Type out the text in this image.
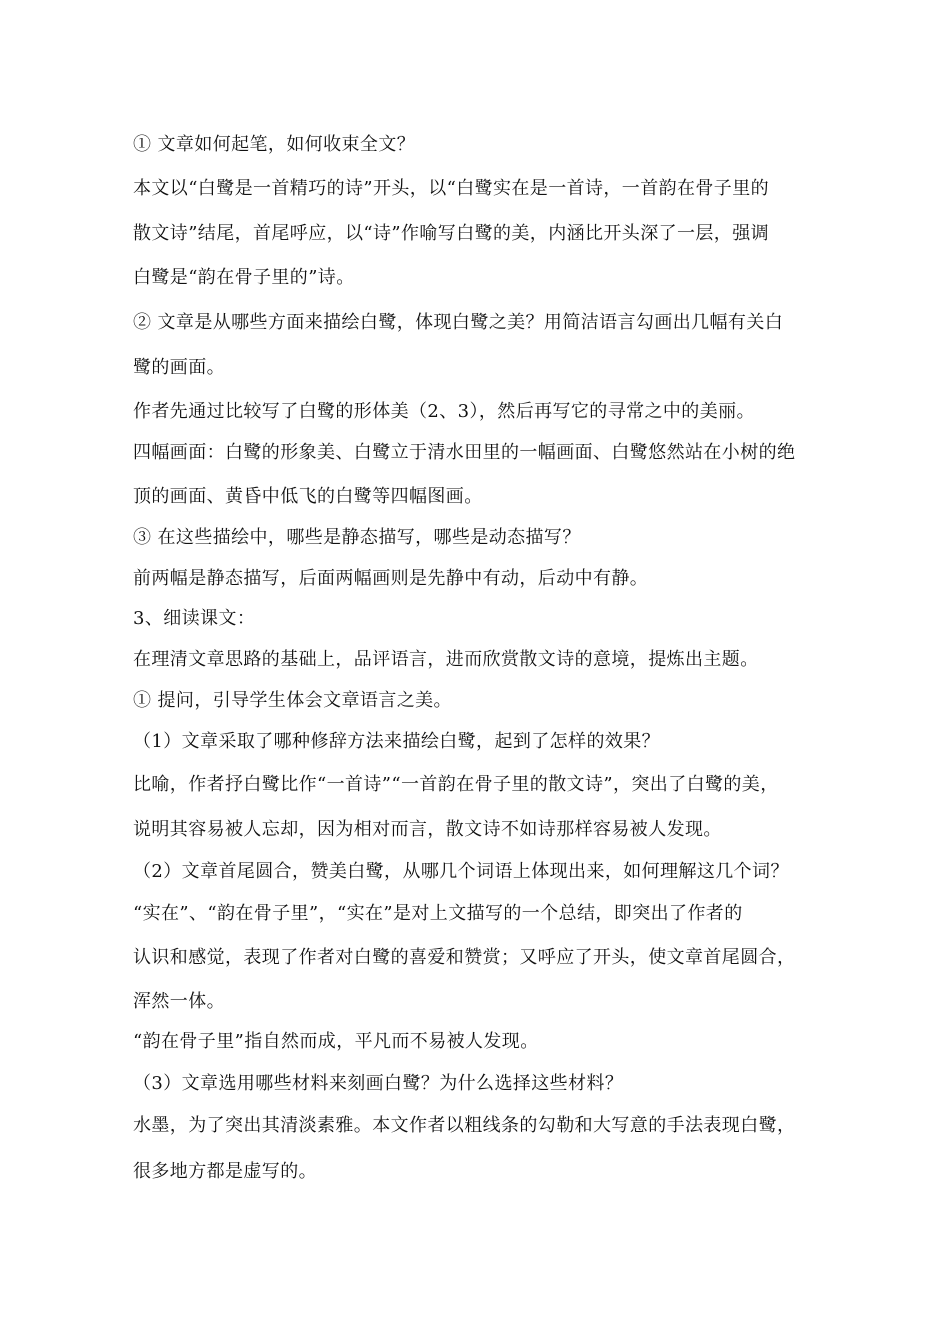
① 文章如何起笔，如何收束全文？
本文以“白鹭是一首精巧的诗”开头，以“白鹭实在是一首诗，一首韵在骨子里的
散文诗”结尾，首尾呼应，以“诗”作喻写白鹭的美，内涵比开头深了一层，强调
白鹭是“韵在骨子里的”诗。
② 文章是从哪些方面来描绘白鹭，体现白鹭之美？用简洁语言勾画出几幅有关白
鹭的画面。
作者先通过比较写了白鹭的形体美（2、3），然后再写它的寻常之中的美丽。
四幅画面：白鹭的形象美、白鹭立于清水田里的一幅画面、白鹭悠然站在小树的绝
顶的画面、黄昏中低飞的白鹭等四幅图画。
③ 在这些描绘中，哪些是静态描写，哪些是动态描写？
前两幅是静态描写，后面两幅画则是先静中有动，后动中有静。
3、细读课文：
在理清文章思路的基础上，品评语言，进而欣赏散文诗的意境，提炼出主题。
① 提问，引导学生体会文章语言之美。
（1）文章采取了哪种修辞方法来描绘白鹭，起到了怎样的效果？
比喻，作者抒白鹭比作“一首诗”“一首韵在骨子里的散文诗”，突出了白鹭的美，
说明其容易被人忘却，因为相对而言，散文诗不如诗那样容易被人发现。
（2）文章首尾圆合，赞美白鹭，从哪几个词语上体现出来，如何理解这几个词？
“实在”、“韵在骨子里”，“实在”是对上文描写的一个总结，即突出了作者的
认识和感觉，表现了作者对白鹭的喜爱和赞赏；又呼应了开头，使文章首尾圆合，
浑然一体。
“韵在骨子里”指自然而成，平凡而不易被人发现。
（3）文章选用哪些材料来刻画白鹭？为什么选择这些材料？
水墨，为了突出其清淡素雅。本文作者以粗线条的勾勒和大写意的手法表现白鹭，
很多地方都是虚写的。
